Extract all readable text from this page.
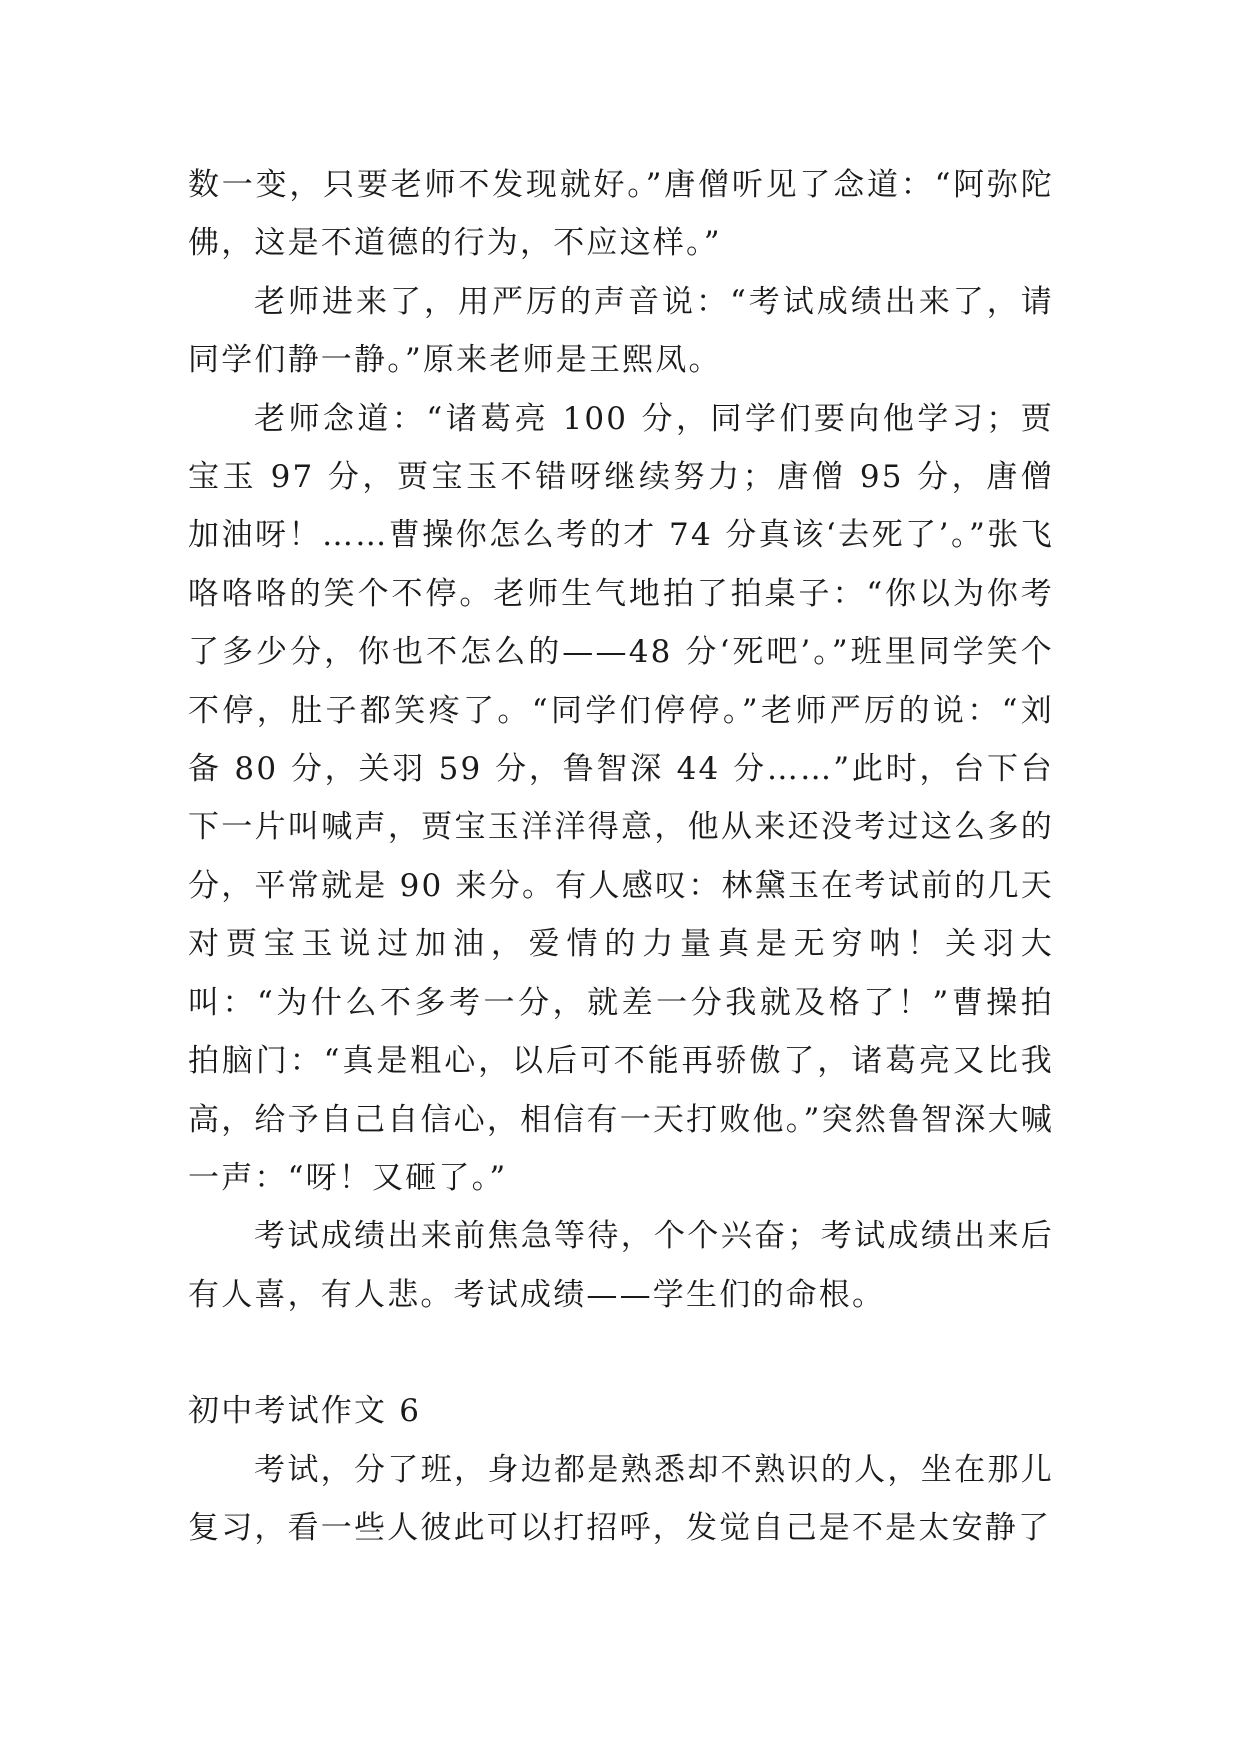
数一变，只要老师不发现就好。”唐僧听见了念道：“阿弥陀佛，这是不道德的行为，不应这样。”

老师进来了，用严厉的声音说：“考试成绩出来了，请同学们静一静。”原来老师是王熙凤。

老师念道：“诸葛亮 100 分，同学们要向他学习；贾宝玉 97 分，贾宝玉不错呀继续努力；唐僧 95 分，唐僧加油呀！……曹操你怎么考的才 74 分真该‘去死了’。”张飞咯咯咯的笑个不停。老师生气地拍了拍桌子：“你以为你考了多少分，你也不怎么的——48 分‘死吧’。”班里同学笑个不停，肚子都笑疼了。“同学们停停。”老师严厉的说：“刘备 80 分，关羽 59 分，鲁智深 44 分……”此时，台下台下一片叫喊声，贾宝玉洋洋得意，他从来还没考过这么多的分，平常就是 90 来分。有人感叹：林黛玉在考试前的几天对贾宝玉说过加油，爱情的力量真是无穷呐！关羽大叫：“为什么不多考一分，就差一分我就及格了！”曹操拍拍脑门：“真是粗心，以后可不能再骄傲了，诸葛亮又比我高，给予自己自信心，相信有一天打败他。”突然鲁智深大喊一声：“呀！又砸了。”

考试成绩出来前焦急等待，个个兴奋；考试成绩出来后有人喜，有人悲。考试成绩——学生们的命根。

初中考试作文 6

考试，分了班，身边都是熟悉却不熟识的人，坐在那儿复习，看一些人彼此可以打招呼，发觉自己是不是太安静了
